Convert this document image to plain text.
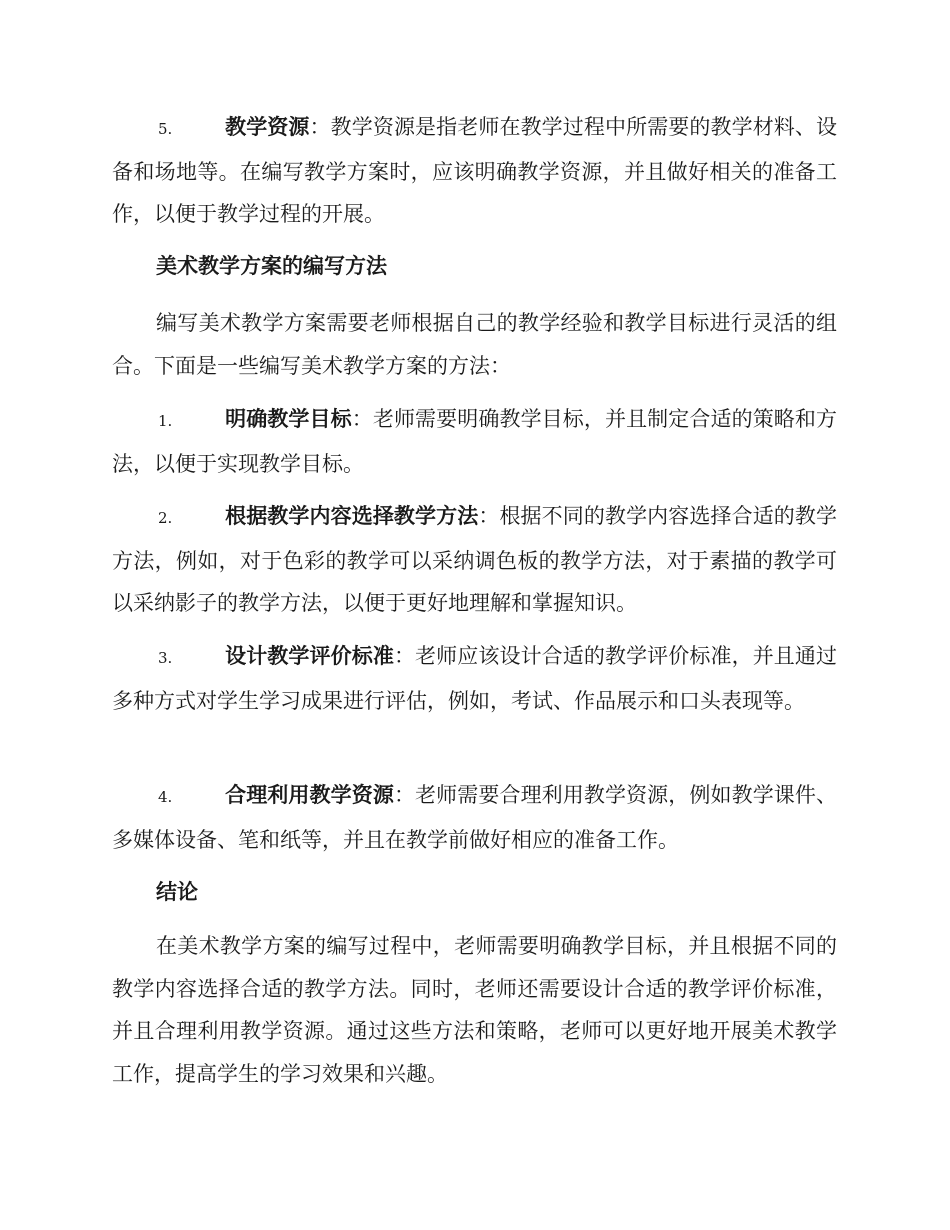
5.	教学资源：教学资源是指老师在教学过程中所需要的教学材料、设备和场地等。在编写教学方案时，应该明确教学资源，并且做好相关的准备工作，以便于教学过程的开展。

美术教学方案的编写方法

编写美术教学方案需要老师根据自己的教学经验和教学目标进行灵活的组合。下面是一些编写美术教学方案的方法：

1.	明确教学目标：老师需要明确教学目标，并且制定合适的策略和方法，以便于实现教学目标。

2.	根据教学内容选择教学方法：根据不同的教学内容选择合适的教学方法，例如，对于色彩的教学可以采纳调色板的教学方法，对于素描的教学可以采纳影子的教学方法，以便于更好地理解和掌握知识。

3.	设计教学评价标准：老师应该设计合适的教学评价标准，并且通过多种方式对学生学习成果进行评估，例如，考试、作品展示和口头表现等。

4.	合理利用教学资源：老师需要合理利用教学资源，例如教学课件、多媒体设备、笔和纸等，并且在教学前做好相应的准备工作。

结论

在美术教学方案的编写过程中，老师需要明确教学目标，并且根据不同的教学内容选择合适的教学方法。同时，老师还需要设计合适的教学评价标准，并且合理利用教学资源。通过这些方法和策略，老师可以更好地开展美术教学工作，提高学生的学习效果和兴趣。
